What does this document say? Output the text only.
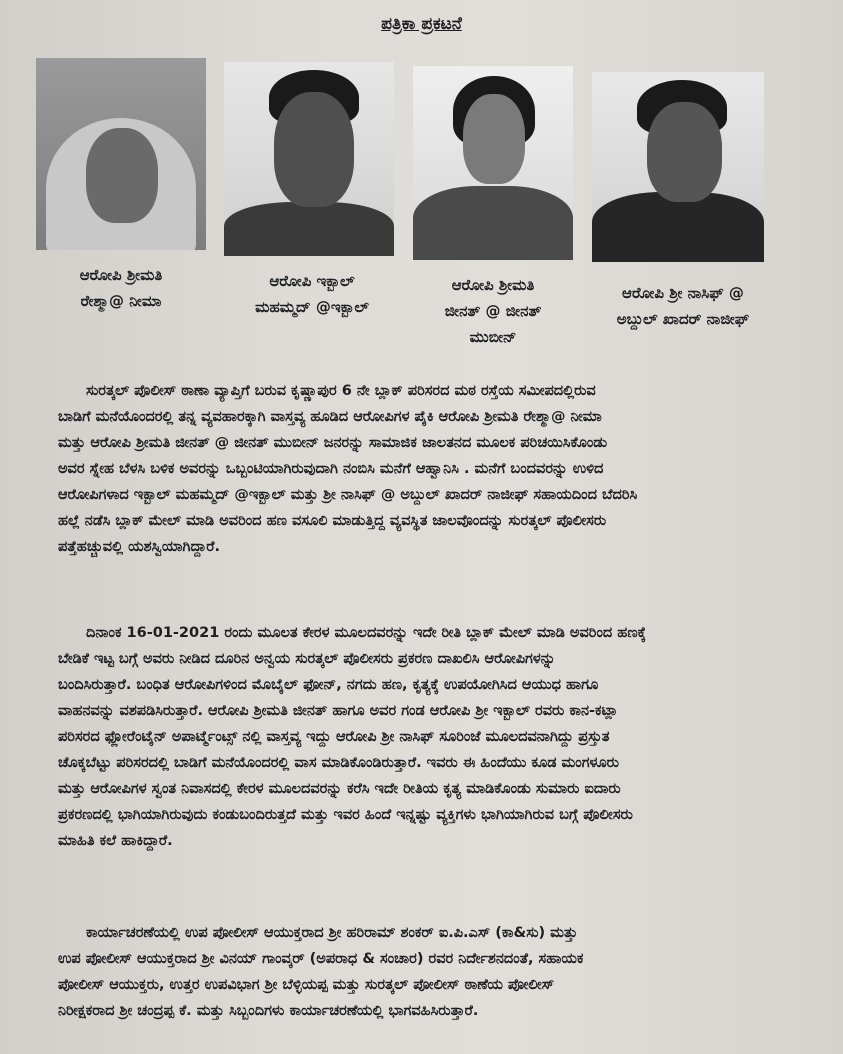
ಪತ್ರಿಕಾ ಪ್ರಕಟನೆ
ಆರೋಪಿ ಶ್ರೀಮತಿ
ರೇಶ್ಮಾ@ ನೀಮಾ
ಆರೋಪಿ ಇಕ್ಬಾಲ್
ಮಹಮ್ಮದ್ @ಇಕ್ಬಾಲ್
ಆರೋಪಿ ಶ್ರೀಮತಿ
ಜೀನತ್ @ ಜೀನತ್
ಮುಬೀನ್
ಆರೋಪಿ ಶ್ರೀ ನಾಸಿಫ್ @
ಅಬ್ದುಲ್ ಖಾದರ್ ನಾಜೀಫ್
ಸುರತ್ಕಲ್ ಪೊಲೀಸ್ ಠಾಣಾ ವ್ಯಾಪ್ತಿಗೆ ಬರುವ ಕೃಷ್ಣಾಪುರ 6 ನೇ ಬ್ಲಾಕ್ ಪರಿಸರದ ಮಠ ರಸ್ತೆಯ ಸಮೀಪದಲ್ಲಿರುವ
ಬಾಡಿಗೆ ಮನೆಯೊಂದರಲ್ಲಿ ತನ್ನ ವ್ಯವಹಾರಕ್ಕಾಗಿ ವಾಸ್ತವ್ಯ ಹೂಡಿದ ಆರೋಪಿಗಳ ಪೈಕಿ ಆರೋಪಿ ಶ್ರೀಮತಿ ರೇಶ್ಮಾ@ ನೀಮಾ
ಮತ್ತು ಆರೋಪಿ ಶ್ರೀಮತಿ ಜೀನತ್ @ ಜೀನತ್ ಮುಬೀನ್ ಜನರನ್ನು ಸಾಮಾಜಿಕ ಜಾಲತನದ ಮೂಲಕ ಪರಿಚಯಿಸಿಕೊಂಡು
ಅವರ ಸ್ನೇಹ ಬೆಳಸಿ ಬಳಿಕ ಅವರನ್ನು ಒಬ್ಬಂಟಿಯಾಗಿರುವುದಾಗಿ ನಂಬಿಸಿ ಮನೆಗೆ ಆಹ್ವಾನಿಸಿ . ಮನೆಗೆ ಬಂದವರನ್ನು ಉಳಿದ
ಆರೋಪಿಗಳಾದ ಇಕ್ಬಾಲ್ ಮಹಮ್ಮದ್ @ಇಕ್ಬಾಲ್ ಮತ್ತು ಶ್ರೀ ನಾಸಿಫ್ @ ಅಬ್ದುಲ್ ಖಾದರ್ ನಾಜೀಫ್ ಸಹಾಯದಿಂದ ಬೆದರಿಸಿ
ಹಲ್ಲೆ ನಡೆಸಿ ಬ್ಲಾಕ್ ಮೇಲ್ ಮಾಡಿ ಅವರಿಂದ ಹಣ ವಸೂಲಿ ಮಾಡುತ್ತಿದ್ದ ವ್ಯವಸ್ಥಿತ ಜಾಲವೊಂದನ್ನು ಸುರತ್ಕಲ್ ಪೊಲೀಸರು
ಪತ್ತೆಹಚ್ಚುವಲ್ಲಿ ಯಶಸ್ವಿಯಾಗಿದ್ದಾರೆ.
ದಿನಾಂಕ 16-01-2021 ರಂದು ಮೂಲತ ಕೇರಳ ಮೂಲದವರನ್ನು ಇದೇ ರೀತಿ ಬ್ಲಾಕ್ ಮೇಲ್ ಮಾಡಿ ಅವರಿಂದ ಹಣಕ್ಕೆ
ಬೇಡಿಕೆ ಇಟ್ಟ ಬಗ್ಗೆ ಅವರು ನೀಡಿದ ದೂರಿನ ಅನ್ವಯ ಸುರತ್ಕಲ್ ಪೊಲೀಸರು ಪ್ರಕರಣ ದಾಖಲಿಸಿ ಆರೋಪಿಗಳನ್ನು
ಬಂದಿಸಿರುತ್ತಾರೆ. ಬಂಧಿತ ಆರೋಪಿಗಳಿಂದ ಮೊಬೈಲ್ ಫೋನ್, ನಗದು ಹಣ, ಕೃತ್ಯಕ್ಕೆ ಉಪಯೋಗಿಸಿದ ಆಯುಧ ಹಾಗೂ
ವಾಹನವನ್ನು ವಶಪಡಿಸಿರುತ್ತಾರೆ. ಆರೋಪಿ ಶ್ರೀಮತಿ ಜೀನತ್ ಹಾಗೂ ಅವರ ಗಂಡ ಆರೋಪಿ ಶ್ರೀ ಇಕ್ಬಾಲ್ ರವರು ಕಾನ-ಕಟ್ಲಾ
ಪರಿಸರದ ಫ್ಲೋರೆಂಟೈನ್ ಅಪಾರ್ಟ್ಮೆಂಟ್ಸ್ ನಲ್ಲಿ ವಾಸ್ತವ್ಯ ಇದ್ದು ಆರೋಪಿ ಶ್ರೀ ನಾಸಿಫ್ ಸೂರಿಂಜೆ ಮೂಲದವನಾಗಿದ್ದು ಪ್ರಸ್ತುತ
ಚೊಕ್ಕಬೆಟ್ಟು ಪರಿಸರದಲ್ಲಿ ಬಾಡಿಗೆ ಮನೆಯೊಂದರಲ್ಲಿ ವಾಸ ಮಾಡಿಕೊಂಡಿರುತ್ತಾರೆ. ಇವರು ಈ ಹಿಂದೆಯು ಕೂಡ ಮಂಗಳೂರು
ಮತ್ತು ಆರೋಪಿಗಳ ಸ್ವಂತ ನಿವಾಸದಲ್ಲಿ ಕೇರಳ ಮೂಲದವರನ್ನು ಕರೆಸಿ ಇದೇ ರೀತಿಯ ಕೃತ್ಯ ಮಾಡಿಕೊಂಡು ಸುಮಾರು ಐದಾರು
ಪ್ರಕರಣದಲ್ಲಿ ಭಾಗಿಯಾಗಿರುವುದು ಕಂಡುಬಂದಿರುತ್ತದೆ ಮತ್ತು ಇವರ ಹಿಂದೆ ಇನ್ನಷ್ಟು ವ್ಯಕ್ತಿಗಳು ಭಾಗಿಯಾಗಿರುವ ಬಗ್ಗೆ ಪೊಲೀಸರು
ಮಾಹಿತಿ ಕಲೆ ಹಾಕಿದ್ದಾರೆ.
ಕಾರ್ಯಾಚರಣೆಯಲ್ಲಿ ಉಪ ಪೋಲೀಸ್ ಆಯುಕ್ತರಾದ ಶ್ರೀ ಹರಿರಾಮ್ ಶಂಕರ್ ಐ.ಪಿ.ಎಸ್ (ಕಾ&ಸು) ಮತ್ತು
ಉಪ ಪೋಲೀಸ್ ಆಯುಕ್ತರಾದ ಶ್ರೀ ವಿನಯ್ ಗಾಂವ್ಕರ್ (ಅಪರಾಧ & ಸಂಚಾರ) ರವರ ನಿರ್ದೇಶನದಂತೆ, ಸಹಾಯಕ
ಪೋಲೀಸ್ ಆಯುಕ್ತರು, ಉತ್ತರ ಉಪವಿಭಾಗ ಶ್ರೀ ಬೆಳ್ಳಿಯಪ್ಪ ಮತ್ತು ಸುರತ್ಕಲ್ ಪೋಲೀಸ್ ಠಾಣೆಯ ಪೋಲೀಸ್
ನಿರೀಕ್ಷಕರಾದ ಶ್ರೀ ಚಂದ್ರಪ್ಪ ಕೆ. ಮತ್ತು ಸಿಬ್ಬಂದಿಗಳು ಕಾರ್ಯಾಚರಣೆಯಲ್ಲಿ ಭಾಗವಹಿಸಿರುತ್ತಾರೆ.
